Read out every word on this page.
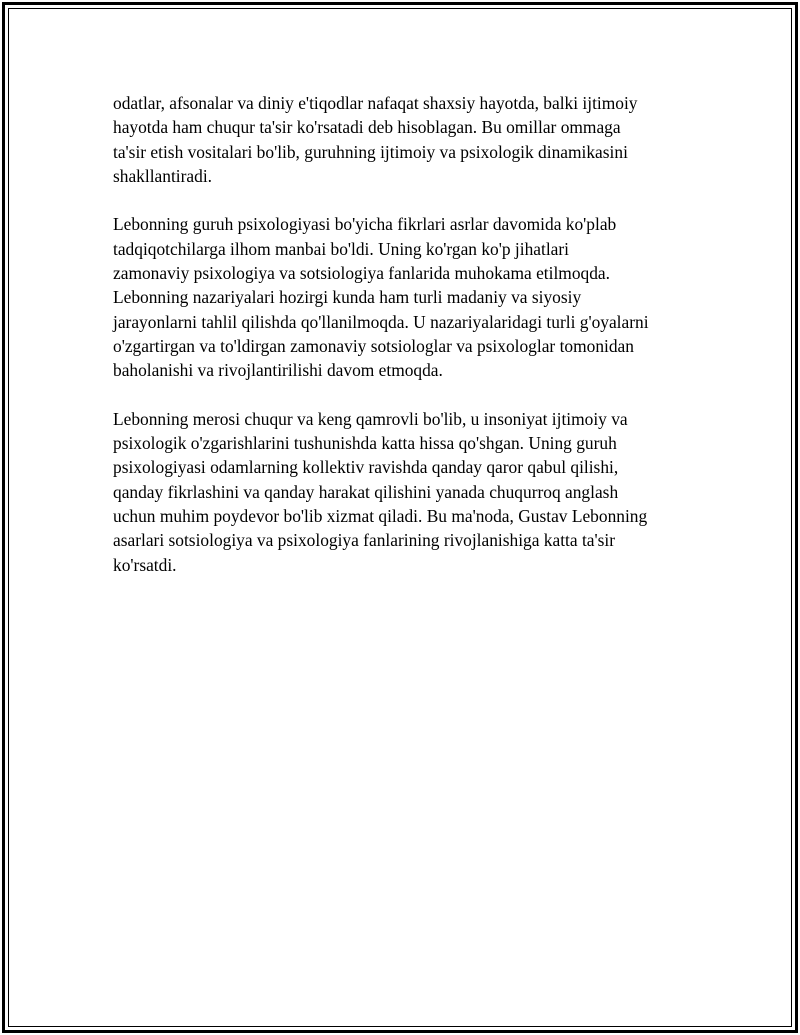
odatlar, afsonalar va diniy e'tiqodlar nafaqat shaxsiy hayotda, balki ijtimoiy
hayotda ham chuqur ta'sir ko'rsatadi deb hisoblagan. Bu omillar ommaga
ta'sir etish vositalari bo'lib, guruhning ijtimoiy va psixologik dinamikasini
shakllantiradi.

Lebonning guruh psixologiyasi bo'yicha fikrlari asrlar davomida ko'plab
tadqiqotchilarga ilhom manbai bo'ldi. Uning ko'rgan ko'p jihatlari
zamonaviy psixologiya va sotsiologiya fanlarida muhokama etilmoqda.
Lebonning nazariyalari hozirgi kunda ham turli madaniy va siyosiy
jarayonlarni tahlil qilishda qo'llanilmoqda. U nazariyalaridagi turli g'oyalarni
o'zgartirgan va to'ldirgan zamonaviy sotsiologlar va psixologlar tomonidan
baholanishi va rivojlantirilishi davom etmoqda.

Lebonning merosi chuqur va keng qamrovli bo'lib, u insoniyat ijtimoiy va
psixologik o'zgarishlarini tushunishda katta hissa qo'shgan. Uning guruh
psixologiyasi odamlarning kollektiv ravishda qanday qaror qabul qilishi,
qanday fikrlashini va qanday harakat qilishini yanada chuqurroq anglash
uchun muhim poydevor bo'lib xizmat qiladi. Bu ma'noda, Gustav Lebonning
asarlari sotsiologiya va psixologiya fanlarining rivojlanishiga katta ta'sir
ko'rsatdi.
